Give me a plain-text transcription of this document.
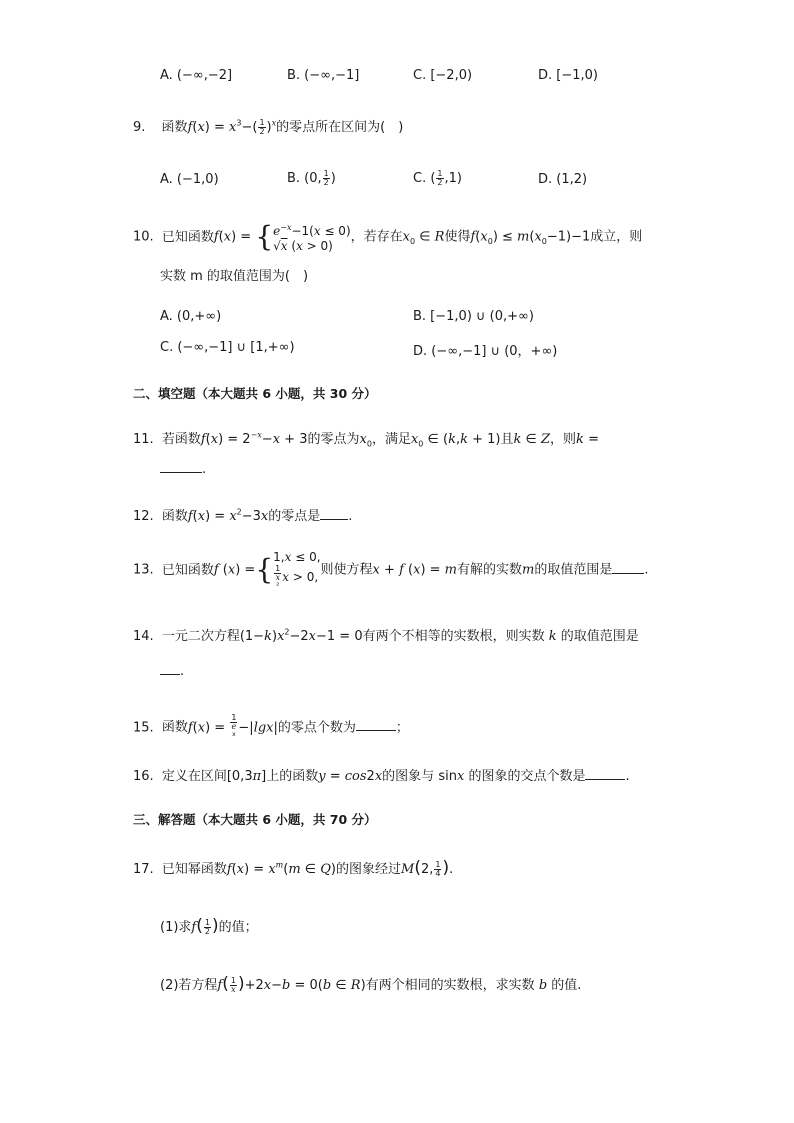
A. (−∞,−2]	B. (−∞,−1]	C. [−2,0)	D. [−1,0)
9. 函数$f(x) = x^3-( \frac{1}{2} )^x$的零点所在区间为(　)
A. (−1,0)	B. (0, $\frac{1}{2}$ )	C. ( $\frac{1}{2} ,1$)	D. (1,2)
10. 已知函数f(x) = { $e^{-x}-1(x \le 0)$
√x (x > 0)
，若存在$x_0$ ∈ R使得$f(x_0) \le m(x_0-1)-1$成立，则
实数 m 的取值范围为(　)
A. (0,+∞)	B. [−1,0) ∪ (0,+∞)
C. (−∞,−1] ∪ [1,+∞)	D. (−∞,−1] ∪ (0，+∞)
二、填空题（本大题共 6 小题，共 30 分）
11. 若函数$f(x) = 2^{-x}-x + 3$的零点为$x_0$，满足$x_0$ ∈ (k,k + 1)且k ∈ Z，则k =
.
12. 函数$f(x) = x^2-3x$的零点是 .
13. 已知函数f (x) ={ 1,x ≤ 0,
1
x
² x > 0, 则使方程x + f (x) = m有解的实数m的取值范围是 .
14. 一元二次方程$(1-k)x^2-2x-1 = 0$有两个不相等的实数根，则实数 k 的取值范围是
.
15. 函数f(x) = 1
e
$^x$ −|lgx|的零点个数为	；
16. 定义在区间[0,3π]上的函数y = cos2x的图象与 sinx 的图象的交点个数是	.
三、解答题（本大题共 6 小题，共 70 分）
17. 已知幂函数$f(x) = x^m(m$ ∈ Q)的图象经过M(2, $\frac{1}{4}$ ).
(1)求$f( \frac{1}{2}$ )的值；
(2)若方程$f( \frac{1}{x} )+2x-b = 0(b$ ∈ R)有两个相同的实数根，求实数 b 的值.
